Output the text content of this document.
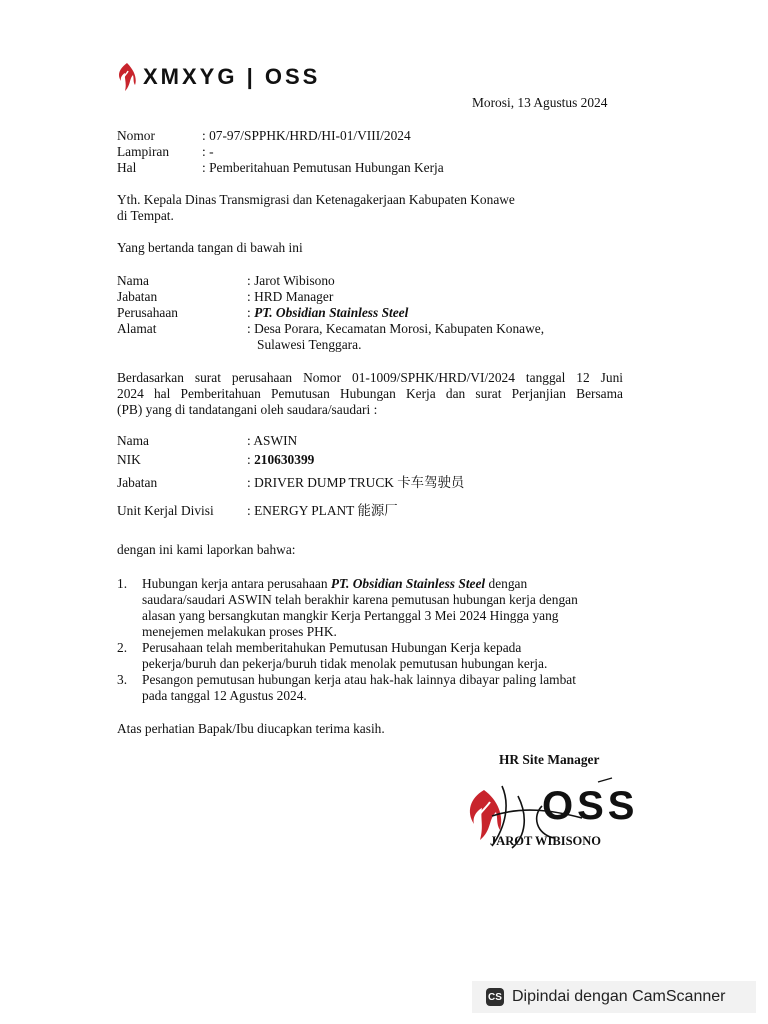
XMXYG | OSS
Morosi, 13 Agustus 2024
Nomor	: 07-97/SPPHK/HRD/HI-01/VIII/2024
Lampiran : -
Hal	: Pemberitahuan Pemutusan Hubungan Kerja
Yth. Kepala Dinas Transmigrasi dan Ketenagakerjaan Kabupaten Konawe
di Tempat.
Yang bertanda tangan di bawah ini
Nama	: Jarot Wibisono
Jabatan	: HRD Manager
Perusahaan	: PT. Obsidian Stainless Steel
Alamat	: Desa Porara, Kecamatan Morosi, Kabupaten Konawe,
Sulawesi Tenggara.
Berdasarkan surat perusahaan Nomor 01-1009/SPHK/HRD/VI/2024 tanggal 12 Juni
2024 hal Pemberitahuan Pemutusan Hubungan Kerja dan surat Perjanjian Bersama
(PB) yang di tandatangani oleh saudara/saudari :
Nama	: ASWIN
NIK	: 210630399
Jabatan	: DRIVER DUMP TRUCK 卡车驾驶员
Unit Kerjal Divisi : ENERGY PLANT 能源厂
dengan ini kami laporkan bahwa:
1. Hubungan kerja antara perusahaan PT. Obsidian Stainless Steel dengan
saudara/saudari ASWIN telah berakhir karena pemutusan hubungan kerja dengan
alasan yang bersangkutan mangkir Kerja Pertanggal 3 Mei 2024 Hingga yang
menejemen melakukan proses PHK.
2. Perusahaan telah memberitahukan Pemutusan Hubungan Kerja kepada
pekerja/buruh dan pekerja/buruh tidak menolak pemutusan hubungan kerja.
3. Pesangon pemutusan hubungan kerja atau hak-hak lainnya dibayar paling lambat
pada tanggal 12 Agustus 2024.
Atas perhatian Bapak/Ibu diucapkan terima kasih.
HR Site Manager
OSS
JAROT WIBISONO
CS Dipindai dengan CamScanner
